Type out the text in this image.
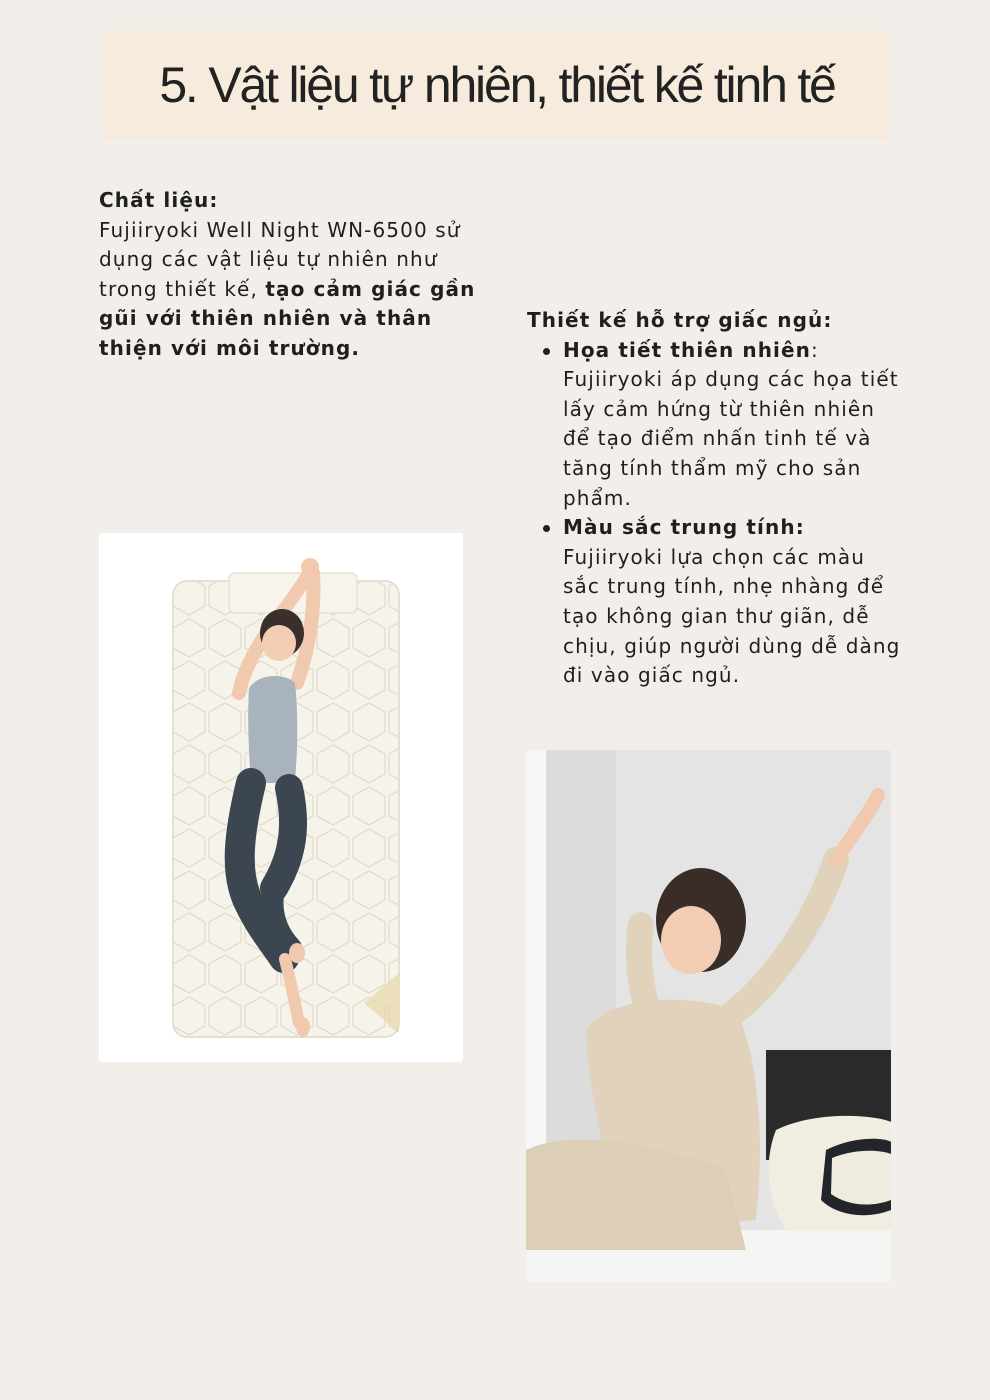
5. Vật liệu tự nhiên, thiết kế tinh tế
Chất liệu:
Fujiiryoki Well Night WN-6500 sử dụng các vật liệu tự nhiên như trong thiết kế, tạo cảm giác gần gũi với thiên nhiên và thân thiện với môi trường.
Thiết kế hỗ trợ giấc ngủ:
Họa tiết thiên nhiên:
Fujiiryoki áp dụng các họa tiết lấy cảm hứng từ thiên nhiên để tạo điểm nhấn tinh tế và tăng tính thẩm mỹ cho sản phẩm.
Màu sắc trung tính:
Fujiiryoki lựa chọn các màu sắc trung tính, nhẹ nhàng để tạo không gian thư giãn, dễ chịu, giúp người dùng dễ dàng đi vào giấc ngủ.
